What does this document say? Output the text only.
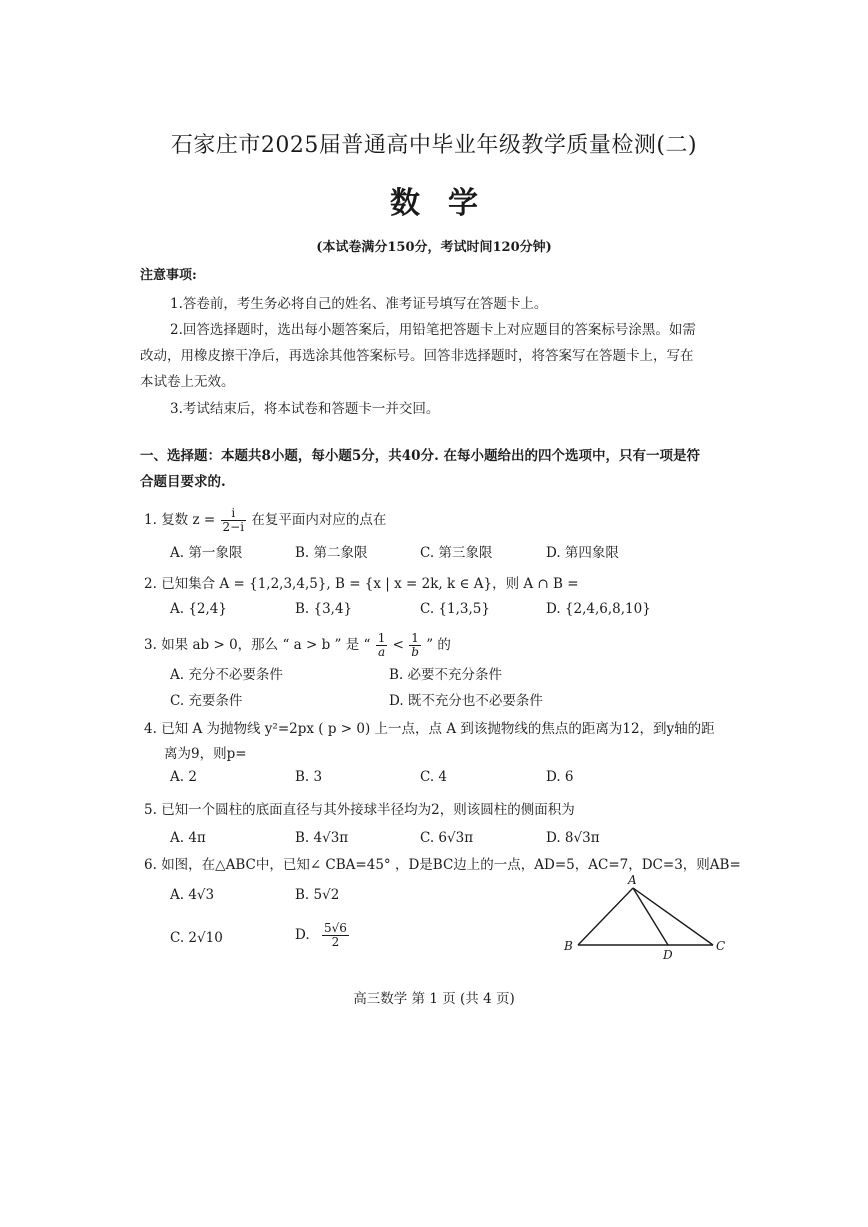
石家庄市2025届普通高中毕业年级教学质量检测(二)
数学
(本试卷满分150分，考试时间120分钟)
注意事项:
1.答卷前，考生务必将自己的姓名、准考证号填写在答题卡上。
2.回答选择题时，选出每小题答案后，用铅笔把答题卡上对应题目的答案标号涂黑。如需
改动，用橡皮擦干净后，再选涂其他答案标号。回答非选择题时，将答案写在答题卡上，写在
本试卷上无效。
3.考试结束后，将本试卷和答题卡一并交回。
一、选择题：本题共8小题，每小题5分，共40分. 在每小题给出的四个选项中，只有一项是符
合题目要求的.
1. 复数 $z = \frac{i}{2-i}$ 在复平面内对应的点在
A. 第一象限	B. 第二象限	C. 第三象限	D. 第四象限
2. 已知集合 A = {1,2,3,4,5}, B = {x | x = 2k, k ∈ A}，则 A ∩ B =
A. {2,4}	B. {3,4}	C. {1,3,5}	D. {2,4,6,8,10}
3. 如果 ab > 0，那么 “ a > b ” 是 “ $\frac{1}{a} < \frac{1}{b}$ ” 的
A. 充分不必要条件	B. 必要不充分条件
C. 充要条件	D. 既不充分也不必要条件
4. 已知 A 为抛物线 y²=2px ( p > 0) 上一点，点 A 到该抛物线的焦点的距离为12，到y轴的距
离为9，则p=
A. 2	B. 3	C. 4	D. 6
5. 已知一个圆柱的底面直径与其外接球半径均为2，则该圆柱的侧面积为
A. 4π	B. 4√3π	C. 6√3π	D. 8√3π
6. 如图，在△ABC中，已知∠ CBA=45° ，D是BC边上的一点，AD=5，AC=7，DC=3，则AB=
A. 4√3	B. 5√2
C. 2√10	D. $\frac{5√6}{2}$
A
B	C
D
高三数学 第 1 页 (共 4 页)
